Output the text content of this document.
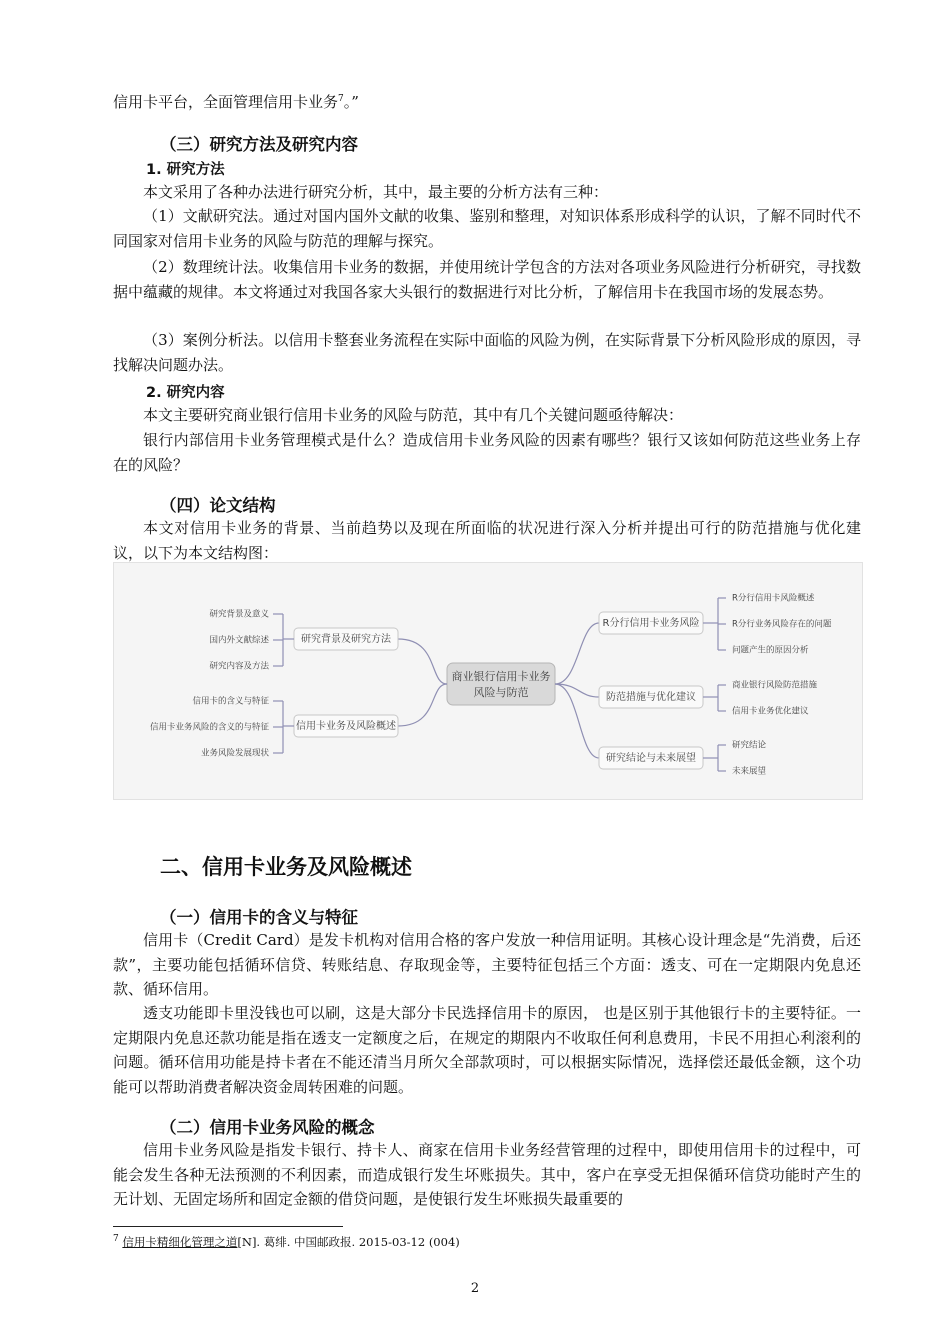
信用卡平台，全面管理信用卡业务$^7$。”

（三）研究方法及研究内容
1. 研究方法

本文采用了各种办法进行研究分析，其中，最主要的分析方法有三种：

（1）文献研究法。通过对国内国外文献的收集、鉴别和整理，对知识体系形成科学的认识，了解不同时代不同国家对信用卡业务的风险与防范的理解与探究。

（2）数理统计法。收集信用卡业务的数据，并使用统计学包含的方法对各项业务风险进行分析研究，寻找数据中蕴藏的规律。本文将通过对我国各家大头银行的数据进行对比分析，了解信用卡在我国市场的发展态势。

（3）案例分析法。以信用卡整套业务流程在实际中面临的风险为例，在实际背景下分析风险形成的原因，寻找解决问题办法。

2. 研究内容

本文主要研究商业银行信用卡业务的风险与防范，其中有几个关键问题亟待解决：

银行内部信用卡业务管理模式是什么？造成信用卡业务风险的因素有哪些？银行又该如何防范这些业务上存在的风险？

（四）论文结构

本文对信用卡业务的背景、当前趋势以及现在所面临的状况进行深入分析并提出可行的防范措施与优化建议，以下为本文结构图：

商业银行信用卡业务
风险与防范
研究背景及研究方法
研究背景及意义
国内外文献综述
研究内容及方法
信用卡业务及风险概述
信用卡的含义与特征
信用卡业务风险的含义的与特征
业务风险发展现状
R分行信用卡业务风险
R分行信用卡风险概述
R分行业务风险存在的问题
问题产生的原因分析
防范措施与优化建议
商业银行风险防范措施
信用卡业务优化建议
研究结论与未来展望
研究结论
未来展望
二、信用卡业务及风险概述
（一）信用卡的含义与特征

信用卡（Credit Card）是发卡机构对信用合格的客户发放一种信用证明。其核心设计理念是“先消费，后还款”，主要功能包括循环信贷、转账结息、存取现金等，主要特征包括三个方面：透支、可在一定期限内免息还款、循环信用。

透支功能即卡里没钱也可以刷，这是大部分卡民选择信用卡的原因， 也是区别于其他银行卡的主要特征。一定期限内免息还款功能是指在透支一定额度之后，在规定的期限内不收取任何利息费用，卡民不用担心利滚利的问题。循环信用功能是持卡者在不能还清当月所欠全部款项时，可以根据实际情况，选择偿还最低金额，这个功能可以帮助消费者解决资金周转困难的问题。

（二）信用卡业务风险的概念

信用卡业务风险是指发卡银行、持卡人、商家在信用卡业务经营管理的过程中，即使用信用卡的过程中，可能会发生各种无法预测的不利因素，而造成银行发生坏账损失。其中，客户在享受无担保循环信贷功能时产生的无计划、无固定场所和固定金额的借贷问题，是使银行发生坏账损失最重要的

$^7$ 信用卡精细化管理之道[N]. 葛绯. 中国邮政报. 2015-03-12 (004)
2
